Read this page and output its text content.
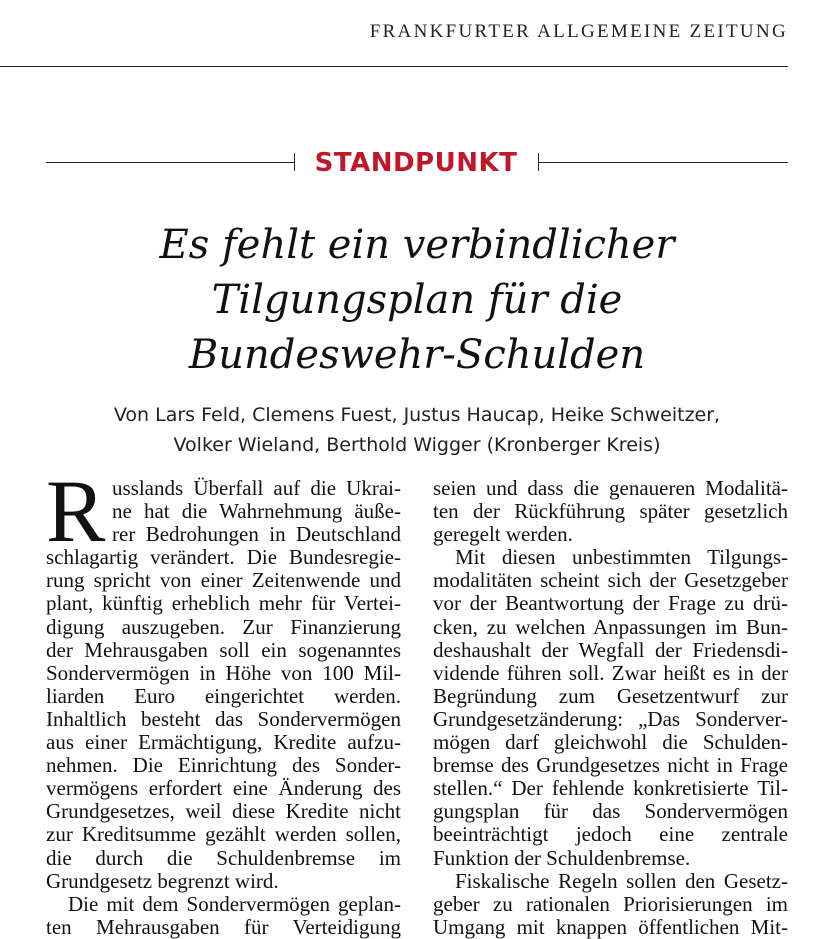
FRANKFURTER ALLGEMEINE ZEITUNG
STANDPUNKT
Es fehlt ein verbindlicher
Tilgungsplan für die
Bundeswehr-Schulden
Von Lars Feld, Clemens Fuest, Justus Haucap, Heike Schweitzer,
Volker Wieland, Berthold Wigger (Kronberger Kreis)
R usslands Überfall auf die Ukrai-
ne hat die Wahrnehmung äuße-
rer Bedrohungen in Deutschland
schlagartig verändert. Die Bundesregie-
rung spricht von einer Zeitenwende und
plant, künftig erheblich mehr für Vertei-
digung auszugeben. Zur Finanzierung
der Mehrausgaben soll ein sogenanntes
Sondervermögen in Höhe von 100 Mil-
liarden Euro eingerichtet werden.
Inhaltlich besteht das Sondervermögen
aus einer Ermächtigung, Kredite aufzu-
nehmen. Die Einrichtung des Sonder-
vermögens erfordert eine Änderung des
Grundgesetzes, weil diese Kredite nicht
zur Kreditsumme gezählt werden sollen,
die durch die Schuldenbremse im
Grundgesetz begrenzt wird.
Die mit dem Sondervermögen geplan-
ten Mehrausgaben für Verteidigung
seien und dass die genaueren Modalitä-
ten der Rückführung später gesetzlich
geregelt werden.
Mit diesen unbestimmten Tilgungs-
modalitäten scheint sich der Gesetzgeber
vor der Beantwortung der Frage zu drü-
cken, zu welchen Anpassungen im Bun-
deshaushalt der Wegfall der Friedensdi-
vidende führen soll. Zwar heißt es in der
Begründung zum Gesetzentwurf zur
Grundgesetzänderung: „Das Sonderver-
mögen darf gleichwohl die Schulden-
bremse des Grundgesetzes nicht in Frage
stellen.“ Der fehlende konkretisierte Til-
gungsplan für das Sondervermögen
beeinträchtigt jedoch eine zentrale
Funktion der Schuldenbremse.
Fiskalische Regeln sollen den Gesetz-
geber zu rationalen Priorisierungen im
Umgang mit knappen öffentlichen Mit-
